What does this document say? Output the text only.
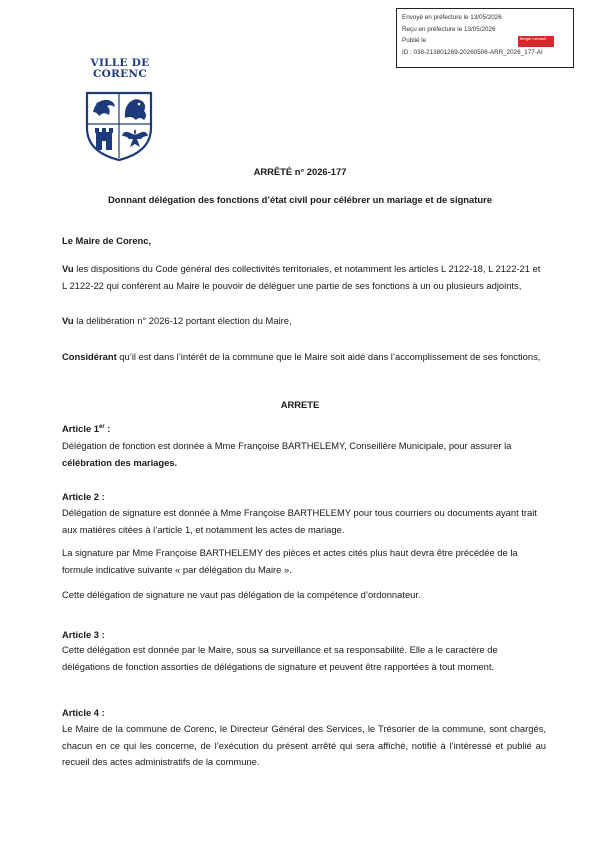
Envoyé en préfecture le 13/05/2026
Reçu en préfecture le 13/05/2026
Publié le
ID : 038-213801269-20260506-ARR_2026_177-AI
Berger Levrault
VILLE DE
CORENC
ARRÊTÉ n° 2026-177
Donnant délégation des fonctions d’état civil pour célébrer un mariage et de signature
Le Maire de Corenc,
Vu les dispositions du Code général des collectivités territoriales, et notamment les articles L 2122-18, L 2122-21 et L 2122-22 qui confèrent au Maire le pouvoir de déléguer une partie de ses fonctions à un ou plusieurs adjoints,
Vu la délibération n° 2026-12 portant élection du Maire,
Considérant qu’il est dans l’intérêt de la commune que le Maire soit aidé dans l’accomplissement de ses fonctions,
ARRETE
Article 1er :
Délégation de fonction est donnée à Mme Françoise BARTHELEMY, Conseillère Municipale, pour assurer la célébration des mariages.
Article 2 :
Délégation de signature est donnée à Mme Françoise BARTHELEMY pour tous courriers ou documents ayant trait aux matières citées à l’article 1, et notamment les actes de mariage.
La signature par Mme Françoise BARTHELEMY des pièces et actes cités plus haut devra être précédée de la formule indicative suivante « par délégation du Maire ».
Cette délégation de signature ne vaut pas délégation de la compétence d’ordonnateur.
Article 3 :
Cette délégation est donnée par le Maire, sous sa surveillance et sa responsabilité. Elle a le caractère de délégations de fonction assorties de délégations de signature et peuvent être rapportées à tout moment.
Article 4 :
Le Maire de la commune de Corenc, le Directeur Général des Services, le Trésorier de la commune, sont chargés, chacun en ce qui les concerne, de l’exécution du présent arrêté qui sera affiché, notifié à l’intéressé et publié au recueil des actes administratifs de la commune.
